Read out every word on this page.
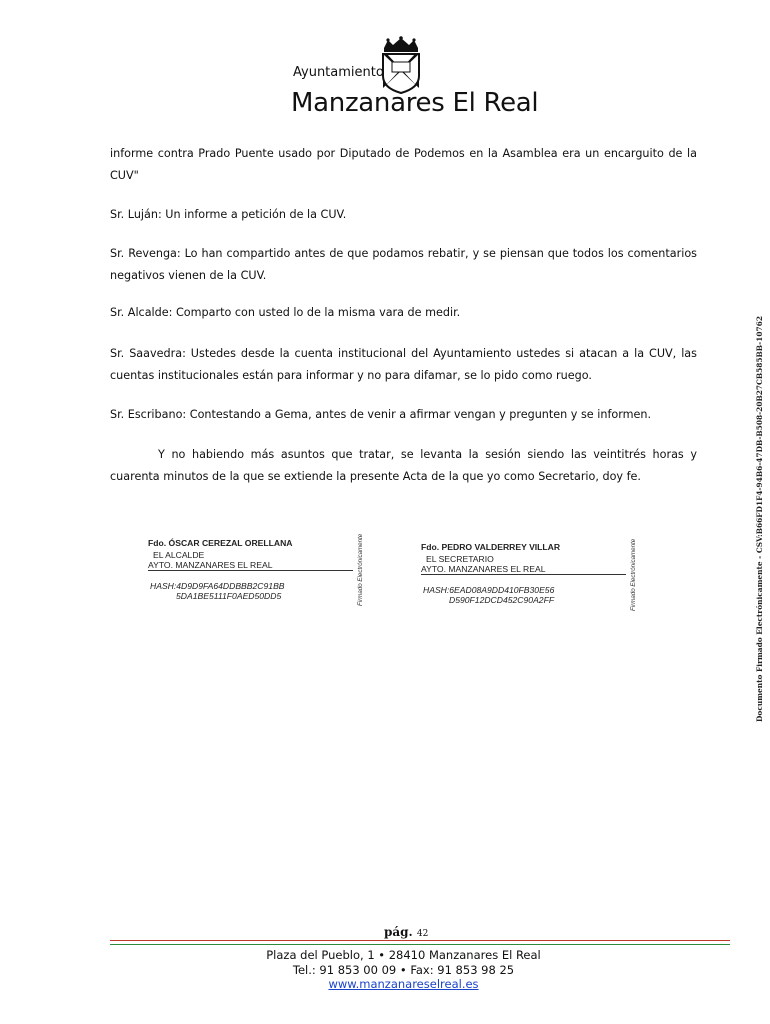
Ayuntamiento
Manzanares El Real
informe contra Prado Puente usado por Diputado de Podemos en la Asamblea era un encarguito de la CUV"
Sr. Luján: Un informe a petición de la CUV.
Sr. Revenga: Lo han compartido antes de que podamos rebatir, y se piensan que todos los comentarios negativos vienen de la CUV.
Sr. Alcalde: Comparto con usted lo de la misma vara de medir.
Sr. Saavedra: Ustedes desde la cuenta institucional del Ayuntamiento ustedes si atacan a la CUV, las cuentas institucionales están para informar y no para difamar, se lo pido como ruego.
Sr. Escribano: Contestando a Gema, antes de venir a afirmar vengan y pregunten y se informen.
Y no habiendo más asuntos que tratar, se levanta la sesión siendo las veintitrés horas y cuarenta minutos de la que se extiende la presente Acta de la que yo como Secretario, doy fe.
Fdo. ÓSCAR CEREZAL ORELLANA
EL ALCALDE
AYTO. MANZANARES EL REAL
HASH:4D9D9FA64DDBBB2C91BB
5DA1BE5111F0AED50DD5	Firmado Electrónicamente	Fdo. PEDRO VALDERREY VILLAR
EL SECRETARIO
AYTO. MANZANARES EL REAL
HASH:6EAD08A9DD410FB30E56
D590F12DCD452C90A2FF	Firmado Electrónicamente	Documento Firmado Electrónicamente - CSV:B66FD1F4-94B6-47DB-B508-20B27CB585BB-10762
pág. 42
Plaza del Pueblo, 1 • 28410 Manzanares El Real
Tel.: 91 853 00 09 • Fax: 91 853 98 25
www.manzanareselreal.es
